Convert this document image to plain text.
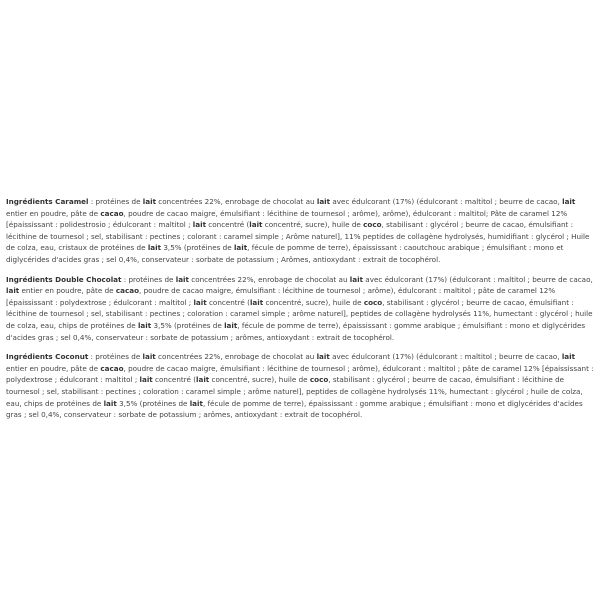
Ingrédients Caramel : protéines de lait concentrées 22%, enrobage de chocolat au lait avec édulcorant (17%) (édulcorant : maltitol ; beurre de cacao, lait entier en poudre, pâte de cacao, poudre de cacao maigre, émulsifiant : lécithine de tournesol ; arôme), arôme), édulcorant : maltitol; Pâte de caramel 12% [épaississant : polidestrosio ; édulcorant : maltitol ; lait concentré (lait concentré, sucre), huile de coco, stabilisant : glycérol ; beurre de cacao, émulsifiant : lécithine de tournesol ; sel, stabilisant : pectines ; colorant : caramel simple ; Arôme naturel], 11% peptides de collagène hydrolysés, humidifiant : glycérol ; Huile de colza, eau, cristaux de protéines de lait 3,5% (protéines de lait, fécule de pomme de terre), épaississant : caoutchouc arabique ; émulsifiant : mono et diglycérides d'acides gras ; sel 0,4%, conservateur : sorbate de potassium ; Arômes, antioxydant : extrait de tocophérol.

Ingrédients Double Chocolat : protéines de lait concentrées 22%, enrobage de chocolat au lait avec édulcorant (17%) (édulcorant : maltitol ; beurre de cacao, lait entier en poudre, pâte de cacao, poudre de cacao maigre, émulsifiant : lécithine de tournesol ; arôme), édulcorant : maltitol ; pâte de caramel 12% [épaississant : polydextrose ; édulcorant : maltitol ; lait concentré (lait concentré, sucre), huile de coco, stabilisant : glycérol ; beurre de cacao, émulsifiant : lécithine de tournesol ; sel, stabilisant : pectines ; coloration : caramel simple ; arôme naturel], peptides de collagène hydrolysés 11%, humectant : glycérol ; huile de colza, eau, chips de protéines de lait 3,5% (protéines de lait, fécule de pomme de terre), épaississant : gomme arabique ; émulsifiant : mono et diglycérides d'acides gras ; sel 0,4%, conservateur : sorbate de potassium ; arômes, antioxydant : extrait de tocophérol.

Ingrédients Coconut : protéines de lait concentrées 22%, enrobage de chocolat au lait avec édulcorant (17%) (édulcorant : maltitol ; beurre de cacao, lait entier en poudre, pâte de cacao, poudre de cacao maigre, émulsifiant : lécithine de tournesol ; arôme), édulcorant : maltitol ; pâte de caramel 12% [épaississant : polydextrose ; édulcorant : maltitol ; lait concentré (lait concentré, sucre), huile de coco, stabilisant : glycérol ; beurre de cacao, émulsifiant : lécithine de tournesol ; sel, stabilisant : pectines ; coloration : caramel simple ; arôme naturel], peptides de collagène hydrolysés 11%, humectant : glycérol ; huile de colza, eau, chips de protéines de lait 3,5% (protéines de lait, fécule de pomme de terre), épaississant : gomme arabique ; émulsifiant : mono et diglycérides d'acides gras ; sel 0,4%, conservateur : sorbate de potassium ; arômes, antioxydant : extrait de tocophérol.
